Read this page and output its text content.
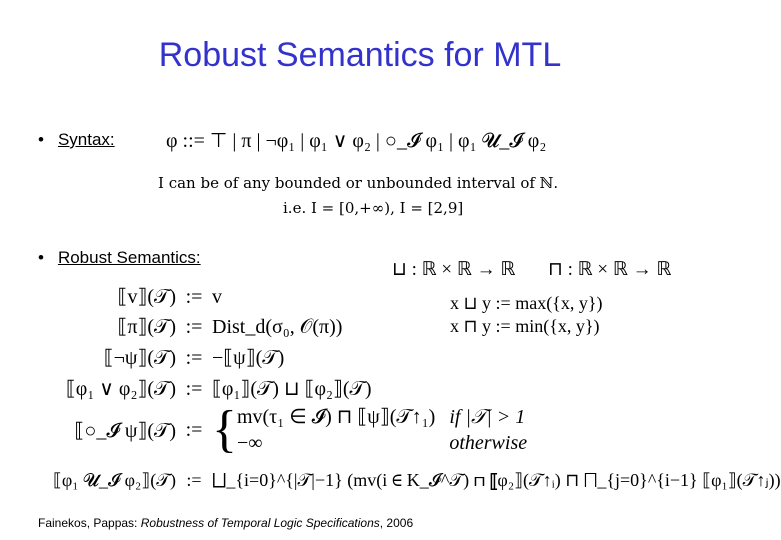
Robust Semantics for MTL
• Syntax:	φ ::= ⊤ | π | ¬φ₁ | φ₁ ∨ φ₂ | ○_𝓘 φ₁ | φ₁ 𝓤_𝓘 φ₂
I can be of any bounded or unbounded interval of ℕ.
i.e. I = [0,+∞), I = [2,9]
• Robust Semantics:
⊔ : ℝ × ℝ → ℝ ⊓ : ℝ × ℝ → ℝ
x ⊔ y := max({x, y})
x ⊓ y := min({x, y})
⟦v⟧(𝒯) := v
⟦π⟧(𝒯) := Dist_d(σ₀, 𝒪(π))
⟦¬ψ⟧(𝒯) := −⟦ψ⟧(𝒯)
⟦φ₁ ∨ φ₂⟧(𝒯) := ⟦φ₁⟧(𝒯) ⊔ ⟦φ₂⟧(𝒯)
⟦○_𝓘 ψ⟧(𝒯) := { mv(τ₁ ∈ 𝓘) ⊓ ⟦ψ⟧(𝒯↑₁)
−∞
if |𝒯| > 1
otherwise
⟦φ₁ 𝓤_𝓘 φ₂⟧(𝒯) := ⨆_{i=0}^{|𝒯|−1} (mv(i ∈ K_𝓘^𝒯) ⊓ ⟦φ₂⟧(𝒯↑ᵢ) ⊓ ⨅_{j=0}^{i−1} ⟦φ₁⟧(𝒯↑ⱼ))
Fainekos, Pappas: Robustness of Temporal Logic Specifications, 2006
